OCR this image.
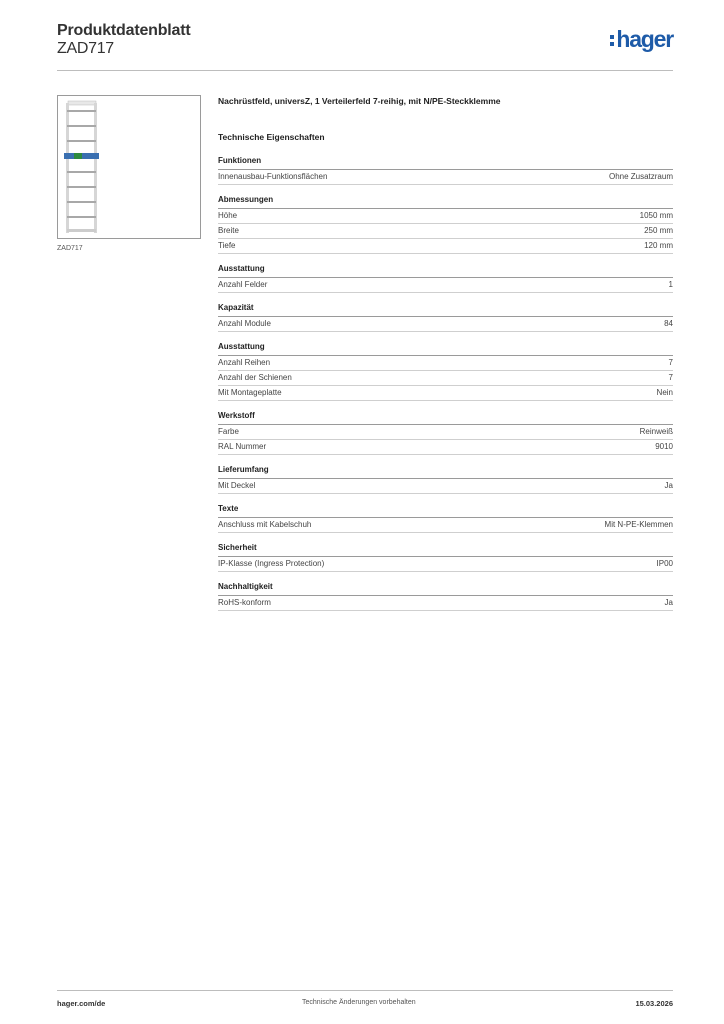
Produktdatenblatt
ZAD717	hager
ZAD717
Nachrüstfeld, universZ, 1 Verteilerfeld 7-reihig, mit N/PE-Steckklemme
Technische Eigenschaften
Funktionen
Innenausbau-Funktionsflächen	Ohne Zusatzraum
Abmessungen
Höhe	1050 mm
Breite	250 mm
Tiefe	120 mm
Ausstattung
Anzahl Felder	1
Kapazität
Anzahl Module	84
Ausstattung
Anzahl Reihen	7
Anzahl der Schienen	7
Mit Montageplatte	Nein
Werkstoff
Farbe	Reinweiß
RAL Nummer	9010
Lieferumfang
Mit Deckel	Ja
Texte
Anschluss mit Kabelschuh	Mit N-PE-Klemmen
Sicherheit
IP-Klasse (Ingress Protection)	IP00
Nachhaltigkeit
RoHS-konform	Ja
hager.com/de	Technische Änderungen vorbehalten	15.03.2026
